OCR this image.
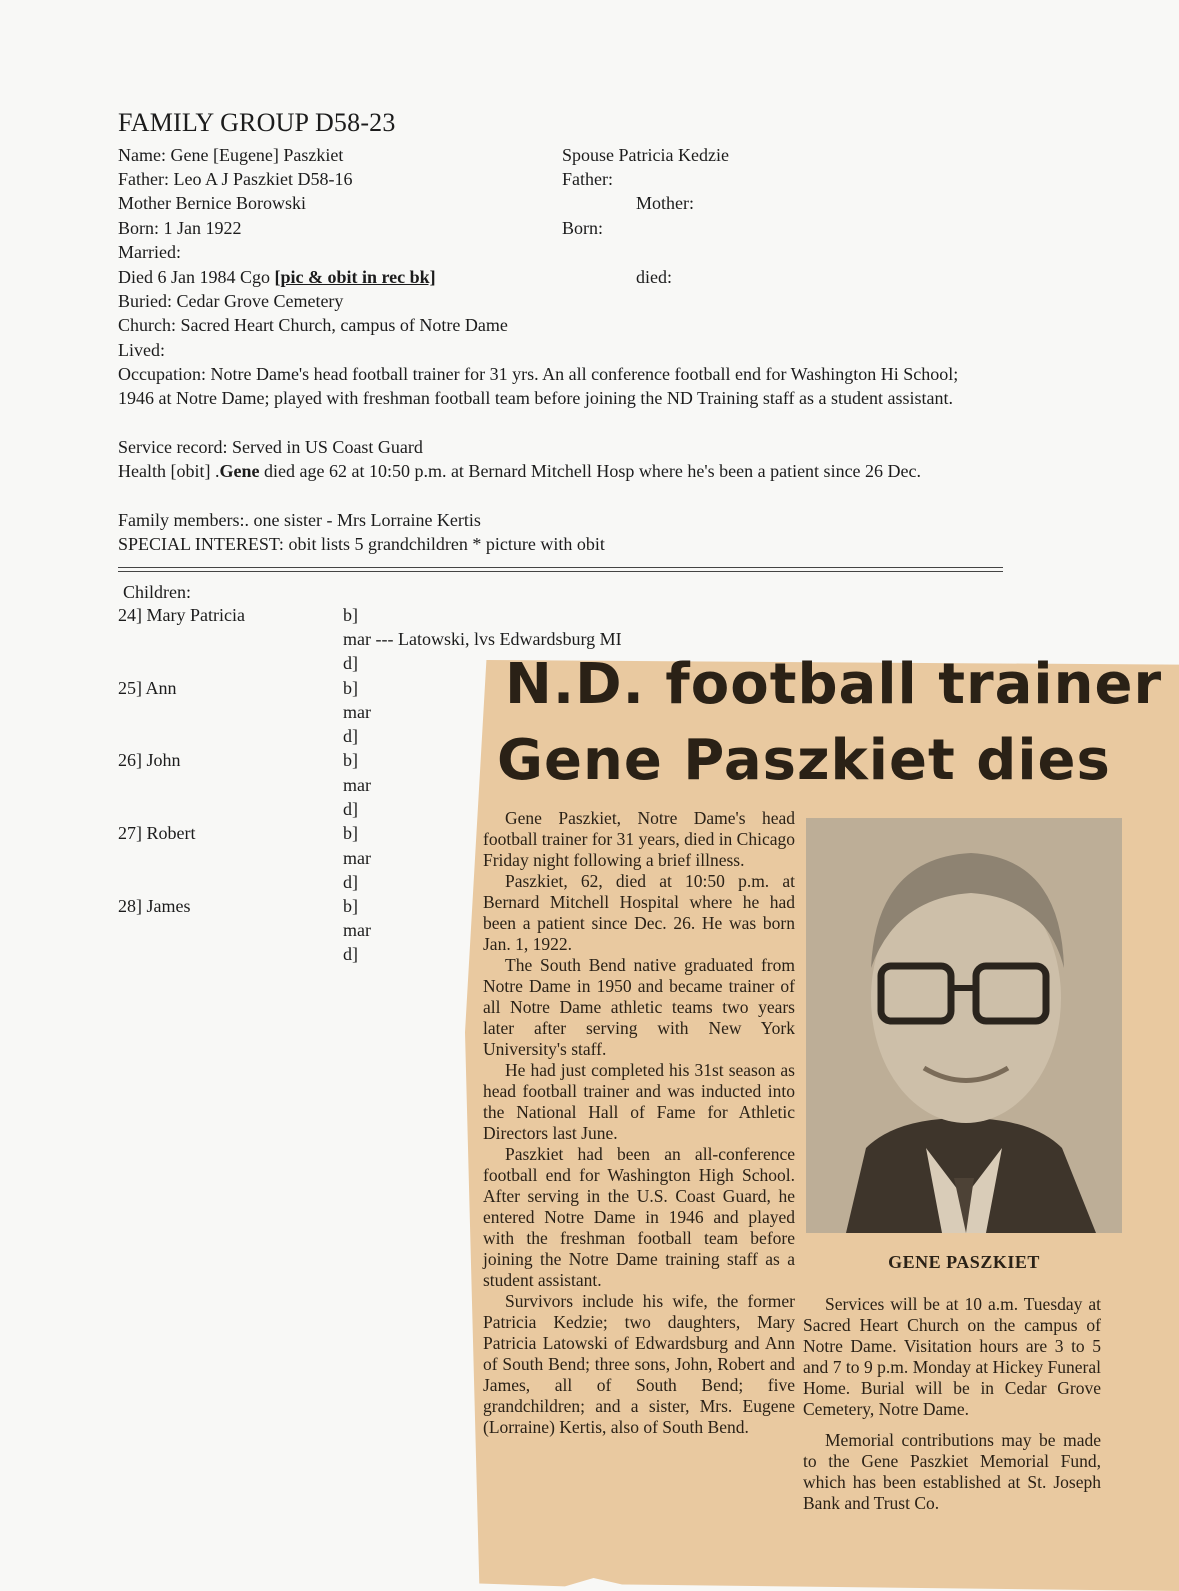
FAMILY GROUP D58-23
Name: Gene [Eugene] Paszkiet
Father: Leo A J Paszkiet D58-16
Mother Bernice Borowski
Born: 1 Jan 1922
Married:
Died 6 Jan 1984 Cgo [pic & obit in rec bk]
Buried: Cedar Grove Cemetery
Church: Sacred Heart Church, campus of Notre Dame
Lived:
Occupation: Notre Dame's head football trainer for 31 yrs. An all conference football end for Washington Hi School; 1946 at Notre Dame; played with freshman football team before joining the ND Training staff as a student assistant.
Service record: Served in US Coast Guard
Health [obit] .Gene died age 62 at 10:50 p.m. at Bernard Mitchell Hosp where he's been a patient since 26 Dec.
Family members:. one sister - Mrs Lorraine Kertis
SPECIAL INTEREST: obit lists 5 grandchildren * picture with obit
Spouse Patricia Kedzie
Father:
Mother:
Born:
died:
Children:
24] Mary Patricia	b]
mar --- Latowski, lvs Edwardsburg MI
d]
25] Ann	b]
mar
d]
26] John	b]
mar
d]
27] Robert	b]
mar
d]
28] James	b]
mar
d]
N.D. football trainer
Gene Paszkiet dies

Gene Paszkiet, Notre Dame's head football trainer for 31 years, died in Chicago Friday night following a brief illness.

Paszkiet, 62, died at 10:50 p.m. at Bernard Mitchell Hospital where he had been a patient since Dec. 26. He was born Jan. 1, 1922.

The South Bend native graduated from Notre Dame in 1950 and became trainer of all Notre Dame athletic teams two years later after serving with New York University's staff.

He had just completed his 31st season as head football trainer and was inducted into the National Hall of Fame for Athletic Directors last June.

Paszkiet had been an all-conference football end for Washington High School. After serving in the U.S. Coast Guard, he entered Notre Dame in 1946 and played with the freshman football team before joining the Notre Dame training staff as a student assistant.

Survivors include his wife, the former Patricia Kedzie; two daughters, Mary Patricia Latowski of Edwardsburg and Ann of South Bend; three sons, John, Robert and James, all of South Bend; five grandchildren; and a sister, Mrs. Eugene (Lorraine) Kertis, also of South Bend.

GENE PASZKIET

Services will be at 10 a.m. Tuesday at Sacred Heart Church on the campus of Notre Dame. Visitation hours are 3 to 5 and 7 to 9 p.m. Monday at Hickey Funeral Home. Burial will be in Cedar Grove Cemetery, Notre Dame.

Memorial contributions may be made to the Gene Paszkiet Memorial Fund, which has been established at St. Joseph Bank and Trust Co.
